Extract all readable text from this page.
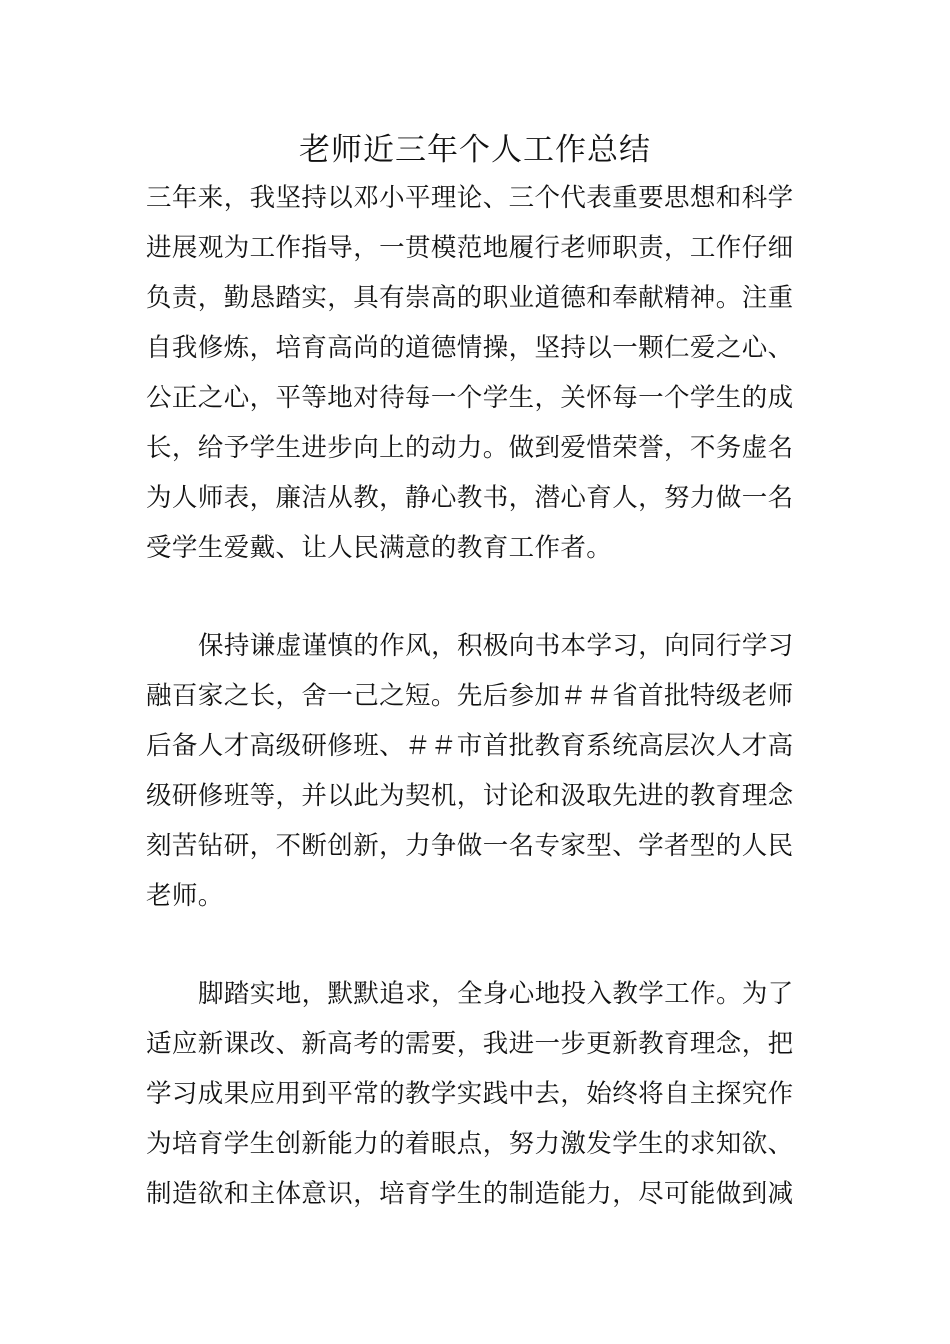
老师近三年个人工作总结
三年来，我坚持以邓小平理论、三个代表重要思想和科学
进展观为工作指导，一贯模范地履行老师职责，工作仔细
负责，勤恳踏实，具有崇高的职业道德和奉献精神。注重
自我修炼，培育高尚的道德情操，坚持以一颗仁爱之心、
公正之心，平等地对待每一个学生，关怀每一个学生的成
长，给予学生进步向上的动力。做到爱惜荣誉，不务虚名
为人师表，廉洁从教，静心教书，潜心育人，努力做一名
受学生爱戴、让人民满意的教育工作者。
保持谦虚谨慎的作风，积极向书本学习，向同行学习
融百家之长，舍一己之短。先后参加＃＃省首批特级老师
后备人才高级研修班、＃＃市首批教育系统高层次人才高
级研修班等，并以此为契机，讨论和汲取先进的教育理念
刻苦钻研，不断创新，力争做一名专家型、学者型的人民
老师。
脚踏实地，默默追求，全身心地投入教学工作。为了
适应新课改、新高考的需要，我进一步更新教育理念，把
学习成果应用到平常的教学实践中去，始终将自主探究作
为培育学生创新能力的着眼点，努力激发学生的求知欲、
制造欲和主体意识，培育学生的制造能力，尽可能做到减
